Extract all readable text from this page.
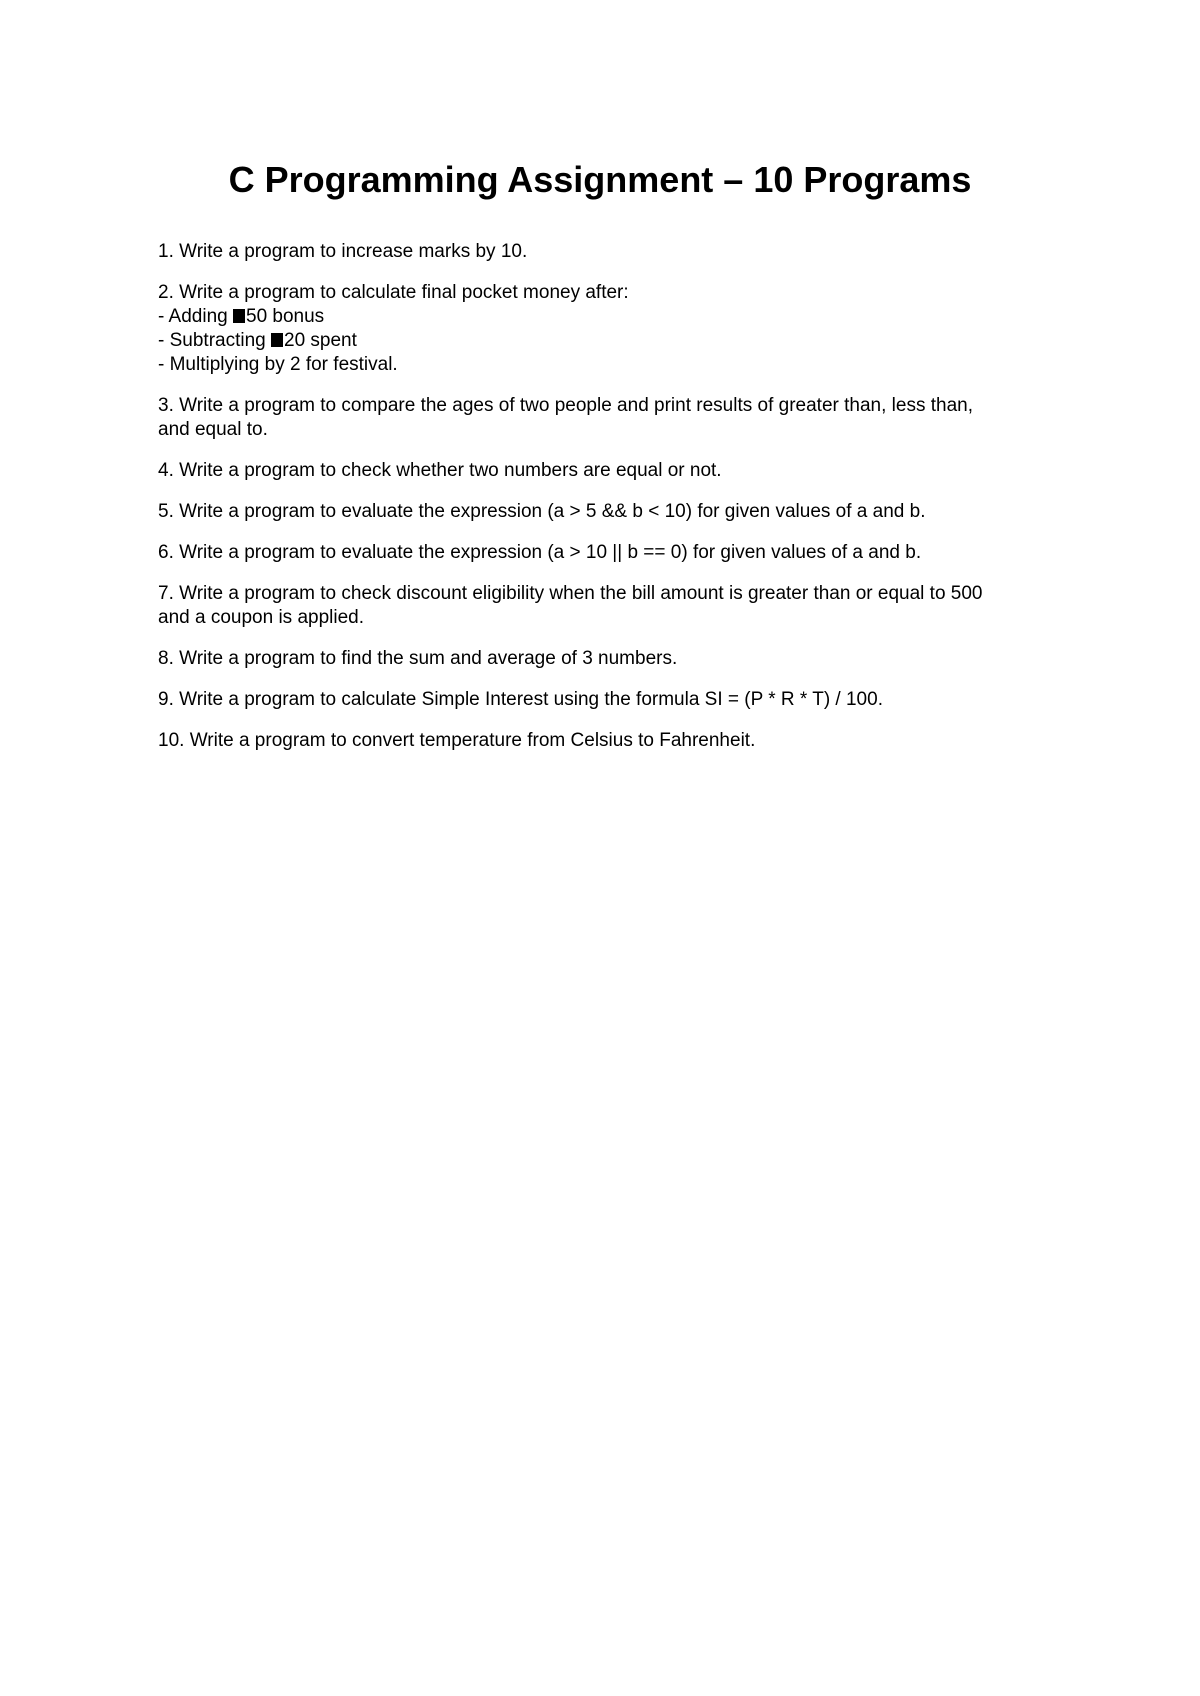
C Programming Assignment – 10 Programs
1. Write a program to increase marks by 10.
2. Write a program to calculate final pocket money after:
- Adding 50 bonus
- Subtracting 20 spent
- Multiplying by 2 for festival.
3. Write a program to compare the ages of two people and print results of greater than, less than,
and equal to.
4. Write a program to check whether two numbers are equal or not.
5. Write a program to evaluate the expression (a > 5 && b < 10) for given values of a and b.
6. Write a program to evaluate the expression (a > 10 || b == 0) for given values of a and b.
7. Write a program to check discount eligibility when the bill amount is greater than or equal to 500
and a coupon is applied.
8. Write a program to find the sum and average of 3 numbers.
9. Write a program to calculate Simple Interest using the formula SI = (P * R * T) / 100.
10. Write a program to convert temperature from Celsius to Fahrenheit.
